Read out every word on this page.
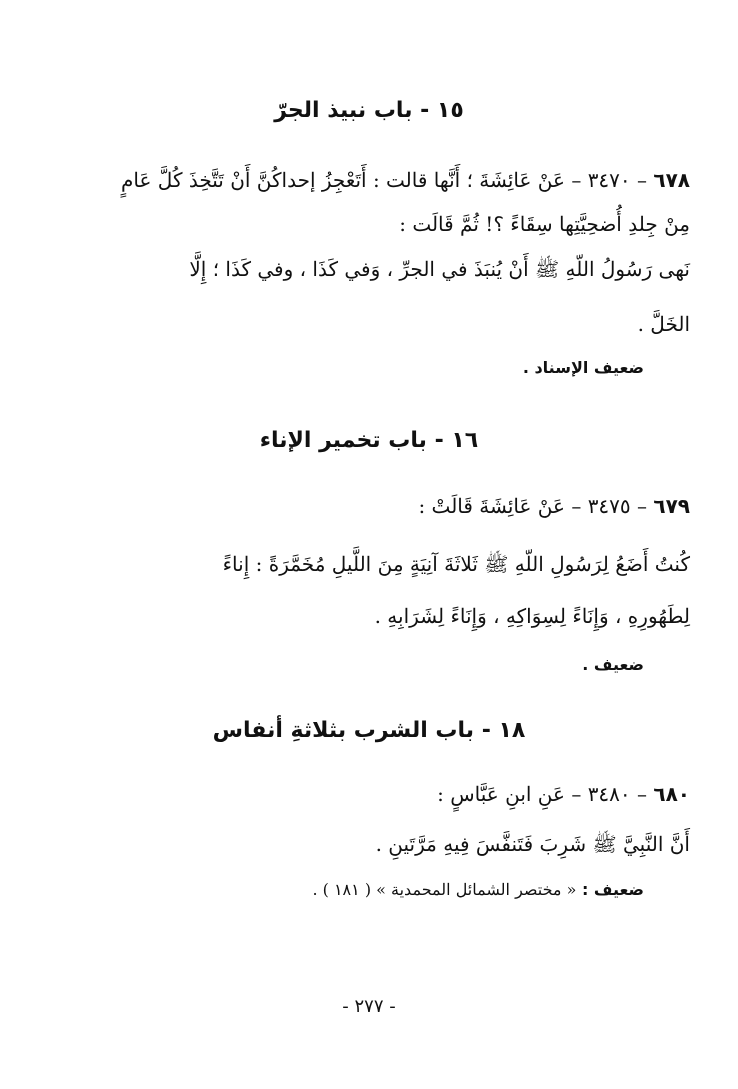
١٥ - باب نبيذ الجرّ
٦٧٨ – ٣٤٧٠ – عَنْ عَائِشَةَ ؛ أَنَّها قالت : أَتَعْجِزُ إحداكُنَّ أَنْ تَتَّخِذَ كُلَّ عَامٍ
مِنْ جِلدِ أُضحِيَّتِها سِقَاءً ؟! ثُمَّ قَالَت :
نَهى رَسُولُ اللّهِ ﷺ أَنْ يُنبَذَ في الجرِّ ، وَفي كَذَا ، وفي كَذَا ؛ إِلَّا
الخَلَّ .
ضعيف الإسناد .
١٦ - باب تخمير الإناء
٦٧٩ – ٣٤٧٥ – عَنْ عَائِشَةَ قَالَتْ :
كُنتُ أَضَعُ لِرَسُولِ اللّهِ ﷺ ثَلاثَةَ آنِيَةٍ مِنَ اللَّيلِ مُخَمَّرَةً : إِناءً
لِطَهُورِهِ ، وَإِنَاءً لِسِوَاكِهِ ، وَإِنَاءً لِشَرَابِهِ .
ضعيف .
١٨ - باب الشرب بثلاثةِ أنفاس
٦٨٠ – ٣٤٨٠ – عَنِ ابنِ عَبَّاسٍ :
أَنَّ النَّبِيَّ ﷺ شَرِبَ فَتَنفَّسَ فِيهِ مَرَّتَينِ .
ضعيف : « مختصر الشمائل المحمدية » ( ١٨١ ) .
- ٢٧٧ -
